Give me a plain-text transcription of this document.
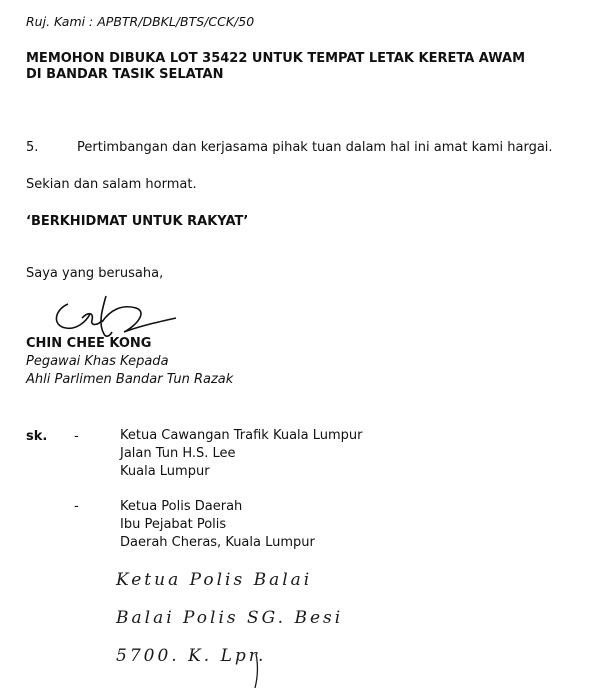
Ruj. Kami : APBTR/DBKL/BTS/CCK/50
MEMOHON DIBUKA LOT 35422 UNTUK TEMPAT LETAK KERETA AWAM
DI BANDAR TASIK SELATAN
5.	Pertimbangan dan kerjasama pihak tuan dalam hal ini amat kami hargai.
Sekian dan salam hormat.
‘BERKHIDMAT UNTUK RAKYAT’
Saya yang berusaha,
CHIN CHEE KONG
Pegawai Khas Kepada
Ahli Parlimen Bandar Tun Razak
sk. -	Ketua Cawangan Trafik Kuala Lumpur
Jalan Tun H.S. Lee
Kuala Lumpur
-	Ketua Polis Daerah
Ibu Pejabat Polis
Daerah Cheras, Kuala Lumpur
Ketua Polis Balai
Balai Polis SG. Besi
5700. K. Lpr.
